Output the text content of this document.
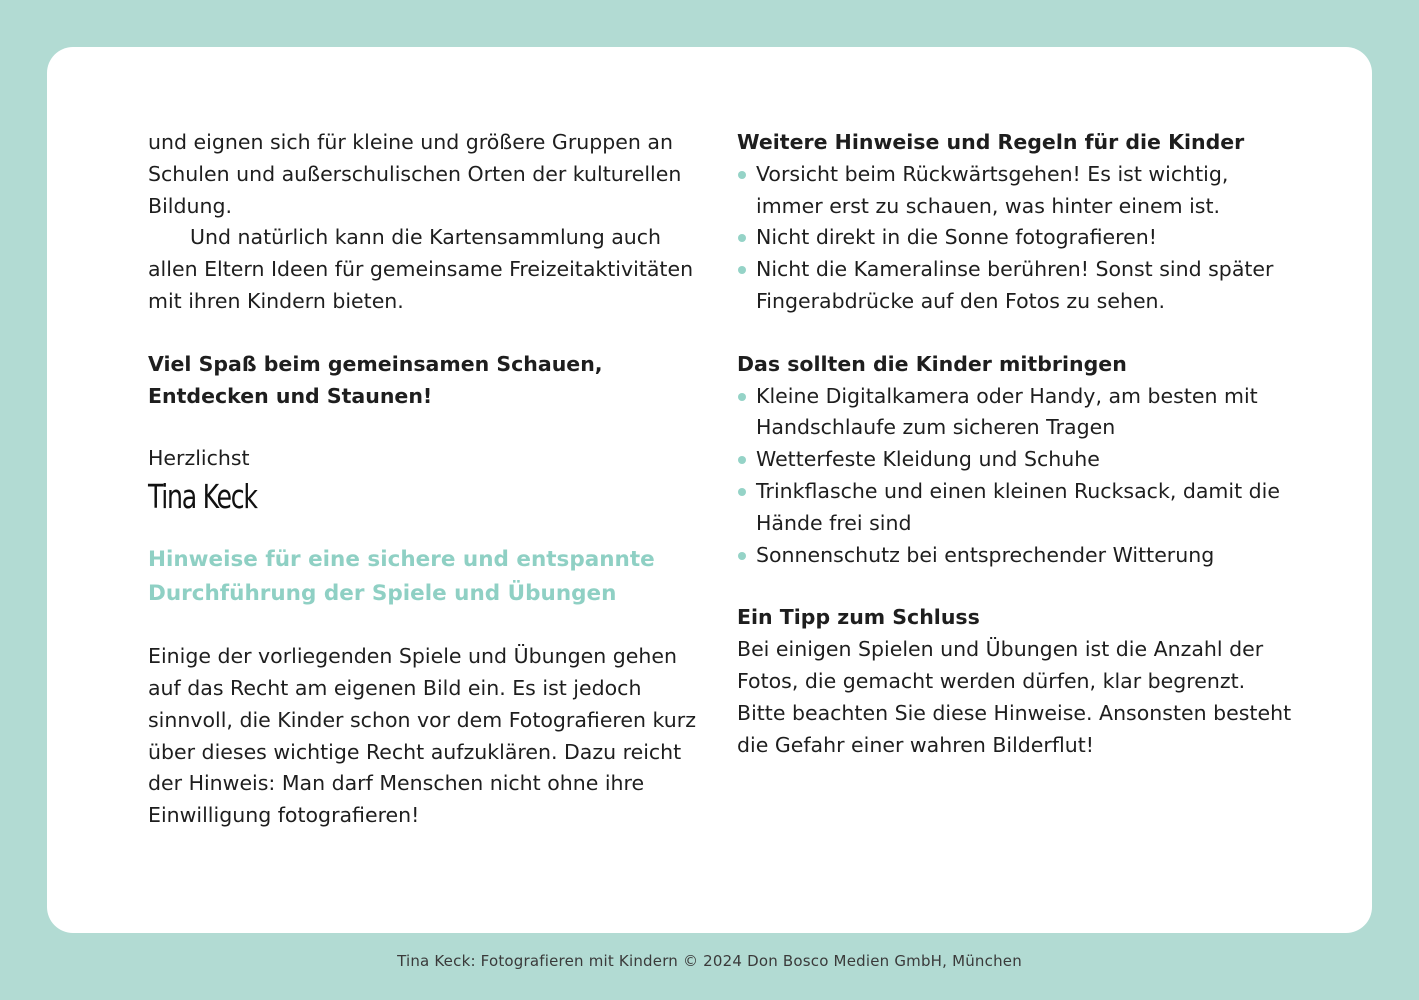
und eignen sich für kleine und größere Gruppen an Schulen und außerschulischen Orten der kulturellen Bildung.

Und natürlich kann die Kartensammlung auch allen Eltern Ideen für gemeinsame Freizeitaktivitäten mit ihren Kindern bieten.

Viel Spaß beim gemeinsamen Schauen,

Entdecken und Staunen!

Herzlichst

Tina Keck

Hinweise für eine sichere und entspannte

Durchführung der Spiele und Übungen

Einige der vorliegenden Spiele und Übungen gehen auf das Recht am eigenen Bild ein. Es ist jedoch sinnvoll, die Kinder schon vor dem Fotografieren kurz über dieses wichtige Recht aufzuklären. Dazu reicht der Hinweis: Man darf Menschen nicht ohne ihre Einwilligung fotografieren!

Weitere Hinweise und Regeln für die Kinder

Vorsicht beim Rückwärtsgehen! Es ist wichtig, immer erst zu schauen, was hinter einem ist.
Nicht direkt in die Sonne fotografieren!
Nicht die Kameralinse berühren! Sonst sind später Fingerabdrücke auf den Fotos zu sehen.

Das sollten die Kinder mitbringen

Kleine Digitalkamera oder Handy, am besten mit Handschlaufe zum sicheren Tragen
Wetterfeste Kleidung und Schuhe
Trinkflasche und einen kleinen Rucksack, damit die Hände frei sind
Sonnenschutz bei entsprechender Witterung

Ein Tipp zum Schluss

Bei einigen Spielen und Übungen ist die Anzahl der Fotos, die gemacht werden dürfen, klar begrenzt. Bitte beachten Sie diese Hinweise. Ansonsten besteht die Gefahr einer wahren Bilderflut!

Tina Keck: Fotografieren mit Kindern © 2024 Don Bosco Medien GmbH, München
